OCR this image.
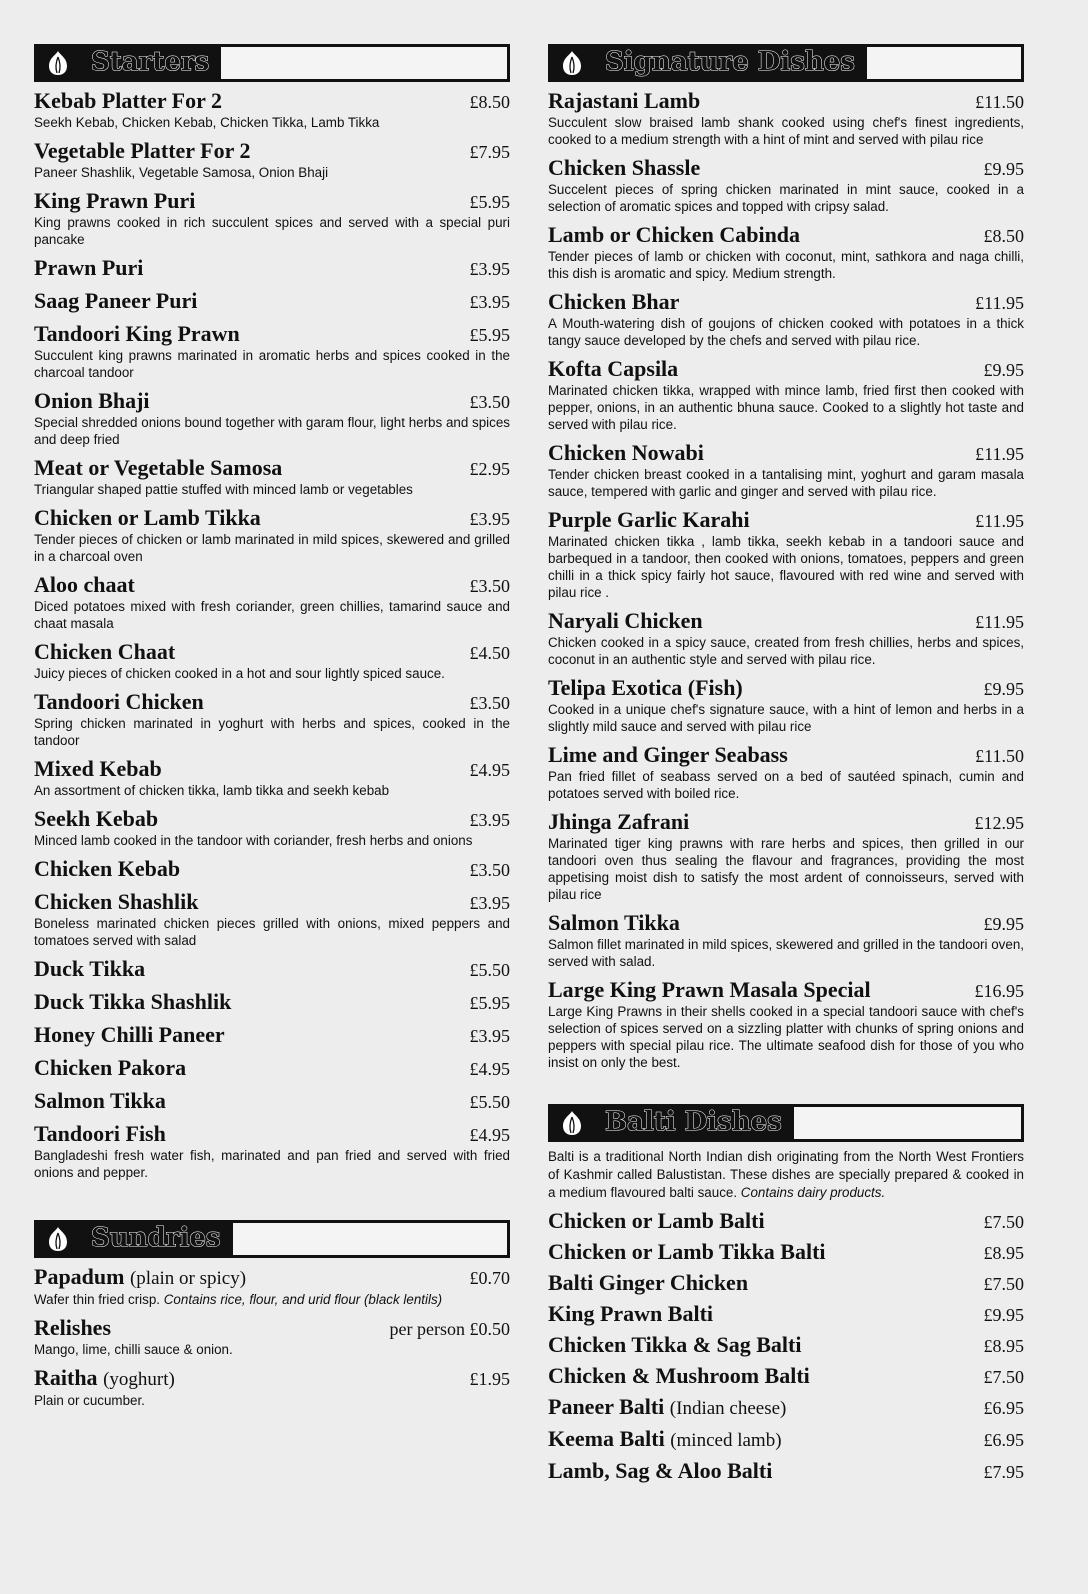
Starters
Kebab Platter For 2	£8.50
Seekh Kebab, Chicken Kebab, Chicken Tikka, Lamb Tikka
Vegetable Platter For 2	£7.95
Paneer Shashlik, Vegetable Samosa, Onion Bhaji
King Prawn Puri	£5.95
King prawns cooked in rich succulent spices and served with a special puri pancake
Prawn Puri	£3.95
Saag Paneer Puri	£3.95
Tandoori King Prawn	£5.95
Succulent king prawns marinated in aromatic herbs and spices cooked in the charcoal tandoor
Onion Bhaji	£3.50
Special shredded onions bound together with garam flour, light herbs and spices and deep fried
Meat or Vegetable Samosa	£2.95
Triangular shaped pattie stuffed with minced lamb or vegetables
Chicken or Lamb Tikka	£3.95
Tender pieces of chicken or lamb marinated in mild spices, skewered and grilled in a charcoal oven
Aloo chaat	£3.50
Diced potatoes mixed with fresh coriander, green chillies, tamarind sauce and chaat masala
Chicken Chaat	£4.50
Juicy pieces of chicken cooked in a hot and sour lightly spiced sauce.
Tandoori Chicken	£3.50
Spring chicken marinated in yoghurt with herbs and spices, cooked in the tandoor
Mixed Kebab	£4.95
An assortment of chicken tikka, lamb tikka and seekh kebab
Seekh Kebab	£3.95
Minced lamb cooked in the tandoor with coriander, fresh herbs and onions
Chicken Kebab	£3.50
Chicken Shashlik	£3.95
Boneless marinated chicken pieces grilled with onions, mixed peppers and tomatoes served with salad
Duck Tikka	£5.50
Duck Tikka Shashlik	£5.95
Honey Chilli Paneer	£3.95
Chicken Pakora	£4.95
Salmon Tikka	£5.50
Tandoori Fish	£4.95
Bangladeshi fresh water fish, marinated and pan fried and served with fried onions and pepper.
Sundries
Papadum (plain or spicy)	£0.70
Wafer thin fried crisp. Contains rice, flour, and urid flour (black lentils)
Relishes	per person £0.50
Mango, lime, chilli sauce & onion.
Raitha (yoghurt)	£1.95
Plain or cucumber.
Signature Dishes
Rajastani Lamb	£11.50
Succulent slow braised lamb shank cooked using chef's finest ingredients, cooked to a medium strength with a hint of mint and served with pilau rice
Chicken Shassle	£9.95
Succelent pieces of spring chicken marinated in mint sauce, cooked in a selection of aromatic spices and topped with cripsy salad.
Lamb or Chicken Cabinda	£8.50
Tender pieces of lamb or chicken with coconut, mint, sathkora and naga chilli, this dish is aromatic and spicy. Medium strength.
Chicken Bhar	£11.95
A Mouth-watering dish of goujons of chicken cooked with potatoes in a thick tangy sauce developed by the chefs and served with pilau rice.
Kofta Capsila	£9.95
Marinated chicken tikka, wrapped with mince lamb, fried first then cooked with pepper, onions, in an authentic bhuna sauce. Cooked to a slightly hot taste and served with pilau rice.
Chicken Nowabi	£11.95
Tender chicken breast cooked in a tantalising mint, yoghurt and garam masala sauce, tempered with garlic and ginger and served with pilau rice.
Purple Garlic Karahi	£11.95
Marinated chicken tikka , lamb tikka, seekh kebab in a tandoori sauce and barbequed in a tandoor, then cooked with onions, tomatoes, peppers and green chilli in a thick spicy fairly hot sauce, flavoured with red wine and served with pilau rice .
Naryali Chicken	£11.95
Chicken cooked in a spicy sauce, created from fresh chillies, herbs and spices, coconut in an authentic style and served with pilau rice.
Telipa Exotica (Fish)	£9.95
Cooked in a unique chef's signature sauce, with a hint of lemon and herbs in a slightly mild sauce and served with pilau rice
Lime and Ginger Seabass	£11.50
Pan fried fillet of seabass served on a bed of sautéed spinach, cumin and potatoes served with boiled rice.
Jhinga Zafrani	£12.95
Marinated tiger king prawns with rare herbs and spices, then grilled in our tandoori oven thus sealing the flavour and fragrances, providing the most appetising moist dish to satisfy the most ardent of connoisseurs, served with pilau rice
Salmon Tikka	£9.95
Salmon fillet marinated in mild spices, skewered and grilled in the tandoori oven, served with salad.
Large King Prawn Masala Special	£16.95
Large King Prawns in their shells cooked in a special tandoori sauce with chef's selection of spices served on a sizzling platter with chunks of spring onions and peppers with special pilau rice. The ultimate seafood dish for those of you who insist on only the best.
Balti Dishes
Balti is a traditional North Indian dish originating from the North West Frontiers of Kashmir called Balustistan. These dishes are specially prepared & cooked in a medium flavoured balti sauce. Contains dairy products.
Chicken or Lamb Balti	£7.50
Chicken or Lamb Tikka Balti	£8.95
Balti Ginger Chicken	£7.50
King Prawn Balti	£9.95
Chicken Tikka & Sag Balti	£8.95
Chicken & Mushroom Balti	£7.50
Paneer Balti (Indian cheese)	£6.95
Keema Balti (minced lamb)	£6.95
Lamb, Sag & Aloo Balti	£7.95
